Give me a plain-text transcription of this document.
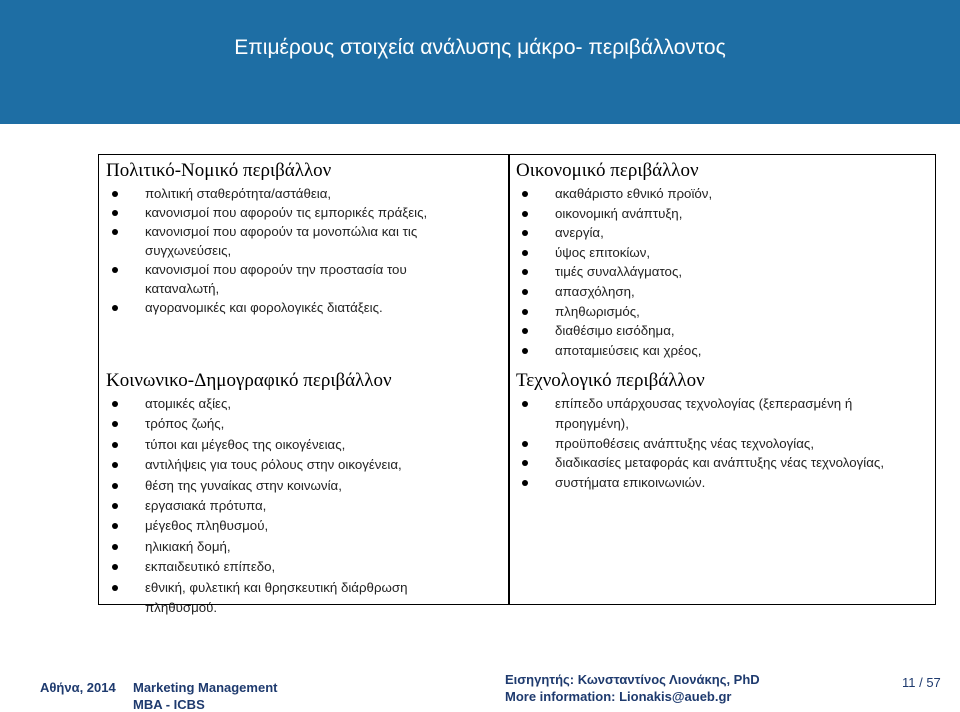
Επιμέρους στοιχεία ανάλυσης μάκρο- περιβάλλοντος
Πολιτικό-Νομικό περιβάλλον
πολιτική σταθερότητα/αστάθεια,
κανονισμοί που αφορούν τις εμπορικές πράξεις,
κανονισμοί που αφορούν τα μονοπώλια και τις συγχωνεύσεις,
κανονισμοί που αφορούν την προστασία του καταναλωτή,
αγορανομικές και φορολογικές διατάξεις.
Κοινωνικο-Δημογραφικό περιβάλλον
ατομικές αξίες,
τρόπος ζωής,
τύποι και μέγεθος της οικογένειας,
αντιλήψεις για τους ρόλους στην οικογένεια,
θέση της γυναίκας στην κοινωνία,
εργασιακά πρότυπα,
μέγεθος πληθυσμού,
ηλικιακή δομή,
εκπαιδευτικό επίπεδο,
εθνική, φυλετική και θρησκευτική διάρθρωση πληθυσμού.
Οικονομικό περιβάλλον
ακαθάριστο εθνικό προϊόν,
οικονομική ανάπτυξη,
ανεργία,
ύψος επιτοκίων,
τιμές συναλλάγματος,
απασχόληση,
πληθωρισμός,
διαθέσιμο εισόδημα,
αποταμιεύσεις και χρέος,
Τεχνολογικό περιβάλλον
επίπεδο υπάρχουσας τεχνολογίας (ξεπερασμένη ή προηγμένη),
προϋποθέσεις ανάπτυξης νέας τεχνολογίας,
διαδικασίες μεταφοράς και ανάπτυξης νέας τεχνολογίας,
συστήματα επικοινωνιών.
Αθήνα, 2014 Marketing Management
MBA - ICBS
Εισηγητής: Κωνσταντίνος Λιονάκης, PhD
More information: Lionakis@aueb.gr
11 / 57
